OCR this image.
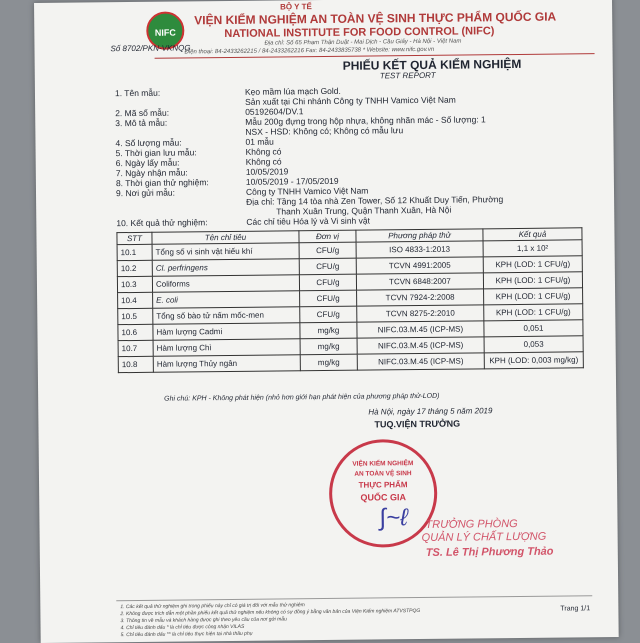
NIFC
BỘ Y TẾ
VIỆN KIỂM NGHIỆM AN TOÀN VỆ SINH THỰC PHẨM QUỐC GIA
NATIONAL INSTITUTE FOR FOOD CONTROL (NIFC)
Địa chỉ: Số 65 Phạm Thận Duật - Mai Dịch - Cầu Giấy - Hà Nội - Việt Nam
Điện thoại: 84-2433262215 / 84-2433262216 Fax: 84-2433835738 * Website: www.nifc.gov.vn
Số 8702/PKN-VKNQG
PHIẾU KẾT QUẢ KIỂM NGHIỆM
TEST REPORT
1. Tên mẫu:	Kẹo mầm lúa mạch Gold.
Sản xuất tại Chi nhánh Công ty TNHH Vamico Việt Nam
2. Mã số mẫu:	05192604/DV.1
3. Mô tả mẫu:	Mẫu 200g đựng trong hộp nhựa, không nhãn mác - Số lượng: 1
NSX - HSD: Không có; Không có mẫu lưu
4. Số lượng mẫu:	01 mẫu
5. Thời gian lưu mẫu:	Không có
6. Ngày lấy mẫu:	Không có
7. Ngày nhận mẫu:	10/05/2019
8. Thời gian thử nghiệm:	10/05/2019 - 17/05/2019
9. Nơi gửi mẫu:	Công ty TNHH Vamico Việt Nam
Địa chỉ: Tầng 14 tòa nhà Zen Tower, Số 12 Khuất Duy Tiến, Phường
Thanh Xuân Trung, Quận Thanh Xuân, Hà Nội
10. Kết quả thử nghiệm:	Các chỉ tiêu Hóa lý và Vi sinh vật
STT	Tên chỉ tiêu	Đơn vị	Phương pháp thử	Kết quả
10.1	Tổng số vi sinh vật hiếu khí	CFU/g	ISO 4833-1:2013	1,1 x 10²
10.2	Cl. perfringens	CFU/g	TCVN 4991:2005	KPH (LOD: 1 CFU/g)
10.3	Coliforms	CFU/g	TCVN 6848:2007	KPH (LOD: 1 CFU/g)
10.4	E. coli	CFU/g	TCVN 7924-2:2008	KPH (LOD: 1 CFU/g)
10.5	Tổng số bào tử nấm mốc-men	CFU/g	TCVN 8275-2:2010	KPH (LOD: 1 CFU/g)
10.6	Hàm lượng Cadmi	mg/kg	NIFC.03.M.45 (ICP-MS)	0,051
10.7	Hàm lượng Chì	mg/kg	NIFC.03.M.45 (ICP-MS)	0,053
10.8	Hàm lượng Thủy ngân	mg/kg	NIFC.03.M.45 (ICP-MS)	KPH (LOD: 0,003 mg/kg)
Ghi chú: KPH - Không phát hiện (nhỏ hơn giới hạn phát hiện của phương pháp thử-LOD)
Hà Nội, ngày 17 tháng 5 năm 2019
TUQ.VIỆN TRƯỞNG
VIỆN KIỂM NGHIỆM
AN TOÀN VỆ SINH
THỰC PHẨM
QUỐC GIA
∫~ℓ TRƯỞNG PHÒNG
QUẢN LÝ CHẤT LƯỢNG
TS. Lê Thị Phương Thảo
1. Các kết quả thử nghiệm ghi trong phiếu này chỉ có giá trị đối với mẫu thử nghiệm
2. Không được trích dẫn một phần phiếu kết quả thử nghiệm nếu không có sự đồng ý bằng văn bản của Viện Kiểm nghiệm ATVSTPQG
3. Thông tin về mẫu và khách hàng được ghi theo yêu cầu của nơi gửi mẫu
4. Chỉ tiêu đánh dấu * là chỉ tiêu được công nhận VILAS
5. Chỉ tiêu đánh dấu ** là chỉ tiêu thực hiện tại nhà thầu phụ
Trang 1/1
